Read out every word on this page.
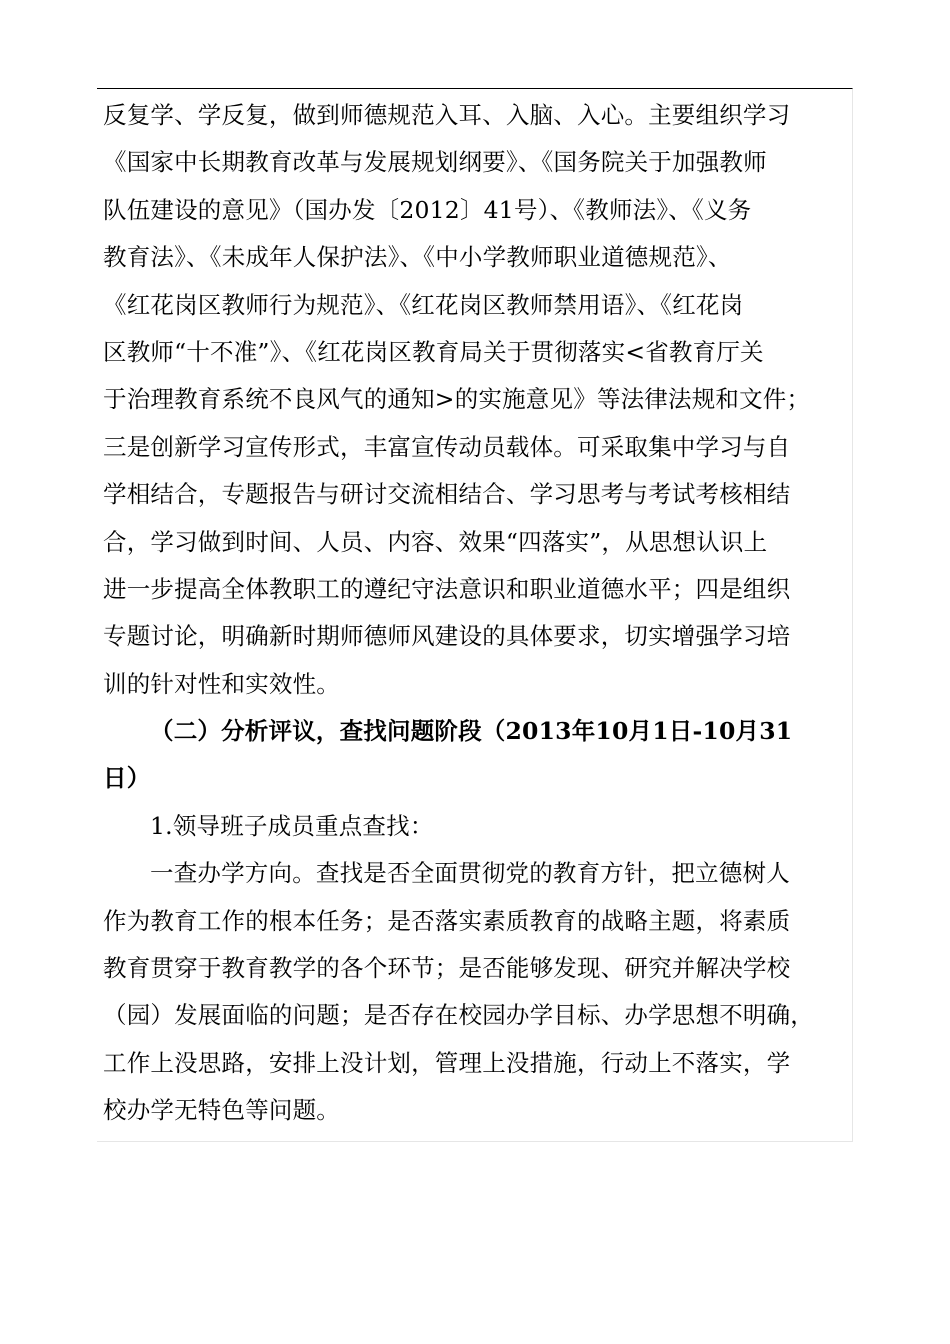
反复学、学反复，做到师德规范入耳、入脑、入心。主要组织学习
《国家中长期教育改革与发展规划纲要》、《国务院关于加强教师
队伍建设的意见》（国办发〔2012〕41号）、《教师法》、《义务
教育法》、《未成年人保护法》、《中小学教师职业道德规范》、
《红花岗区教师行为规范》、《红花岗区教师禁用语》、《红花岗
区教师“十不准”》、《红花岗区教育局关于贯彻落实<省教育厅关
于治理教育系统不良风气的通知>的实施意见》等法律法规和文件；
三是创新学习宣传形式，丰富宣传动员载体。可采取集中学习与自
学相结合，专题报告与研讨交流相结合、学习思考与考试考核相结
合，学习做到时间、人员、内容、效果“四落实”，从思想认识上
进一步提高全体教职工的遵纪守法意识和职业道德水平；四是组织
专题讨论，明确新时期师德师风建设的具体要求，切实增强学习培
训的针对性和实效性。
（二）分析评议，查找问题阶段（2013年10月1日-10月31
日）
1.领导班子成员重点查找：
一查办学方向。查找是否全面贯彻党的教育方针，把立德树人
作为教育工作的根本任务；是否落实素质教育的战略主题，将素质
教育贯穿于教育教学的各个环节；是否能够发现、研究并解决学校
（园）发展面临的问题；是否存在校园办学目标、办学思想不明确，
工作上没思路，安排上没计划，管理上没措施，行动上不落实，学
校办学无特色等问题。
